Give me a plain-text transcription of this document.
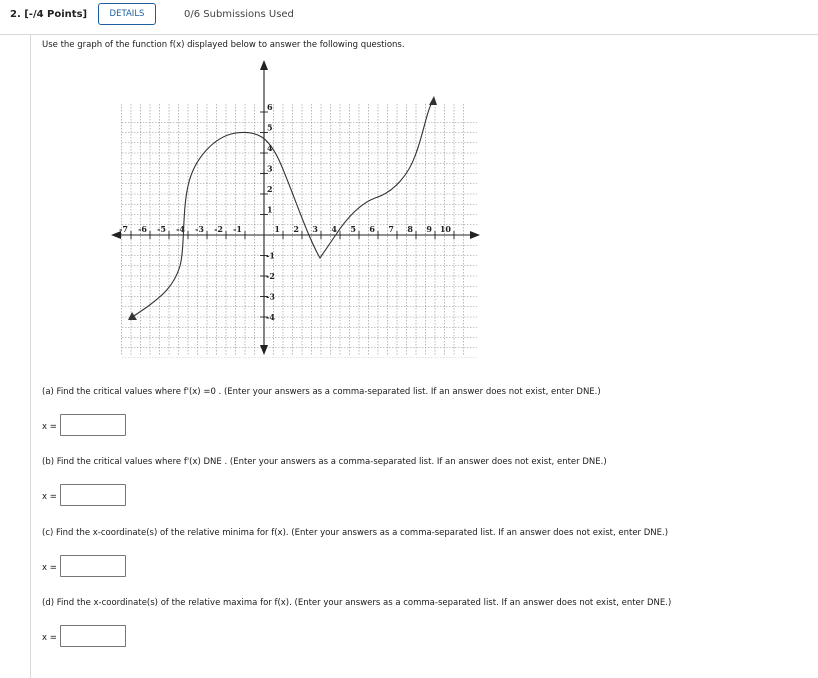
2. [-/4 Points]	DETAILS	0/6 Submissions Used
Use the graph of the function f(x) displayed below to answer the following questions.
-7 -6 -5 -4 -3 -2 -1	1 2 3 4 5 6 7 8 9 10
1
2
3
4
5
6
-1
-2
-3
-4
(a) Find the critical values where f'(x) =0 . (Enter your answers as a comma-separated list. If an answer does not exist, enter DNE.)
x =
(b) Find the critical values where f'(x) DNE . (Enter your answers as a comma-separated list. If an answer does not exist, enter DNE.)
x =
(c) Find the x-coordinate(s) of the relative minima for f(x). (Enter your answers as a comma-separated list. If an answer does not exist, enter DNE.)
x =
(d) Find the x-coordinate(s) of the relative maxima for f(x). (Enter your answers as a comma-separated list. If an answer does not exist, enter DNE.)
x =
